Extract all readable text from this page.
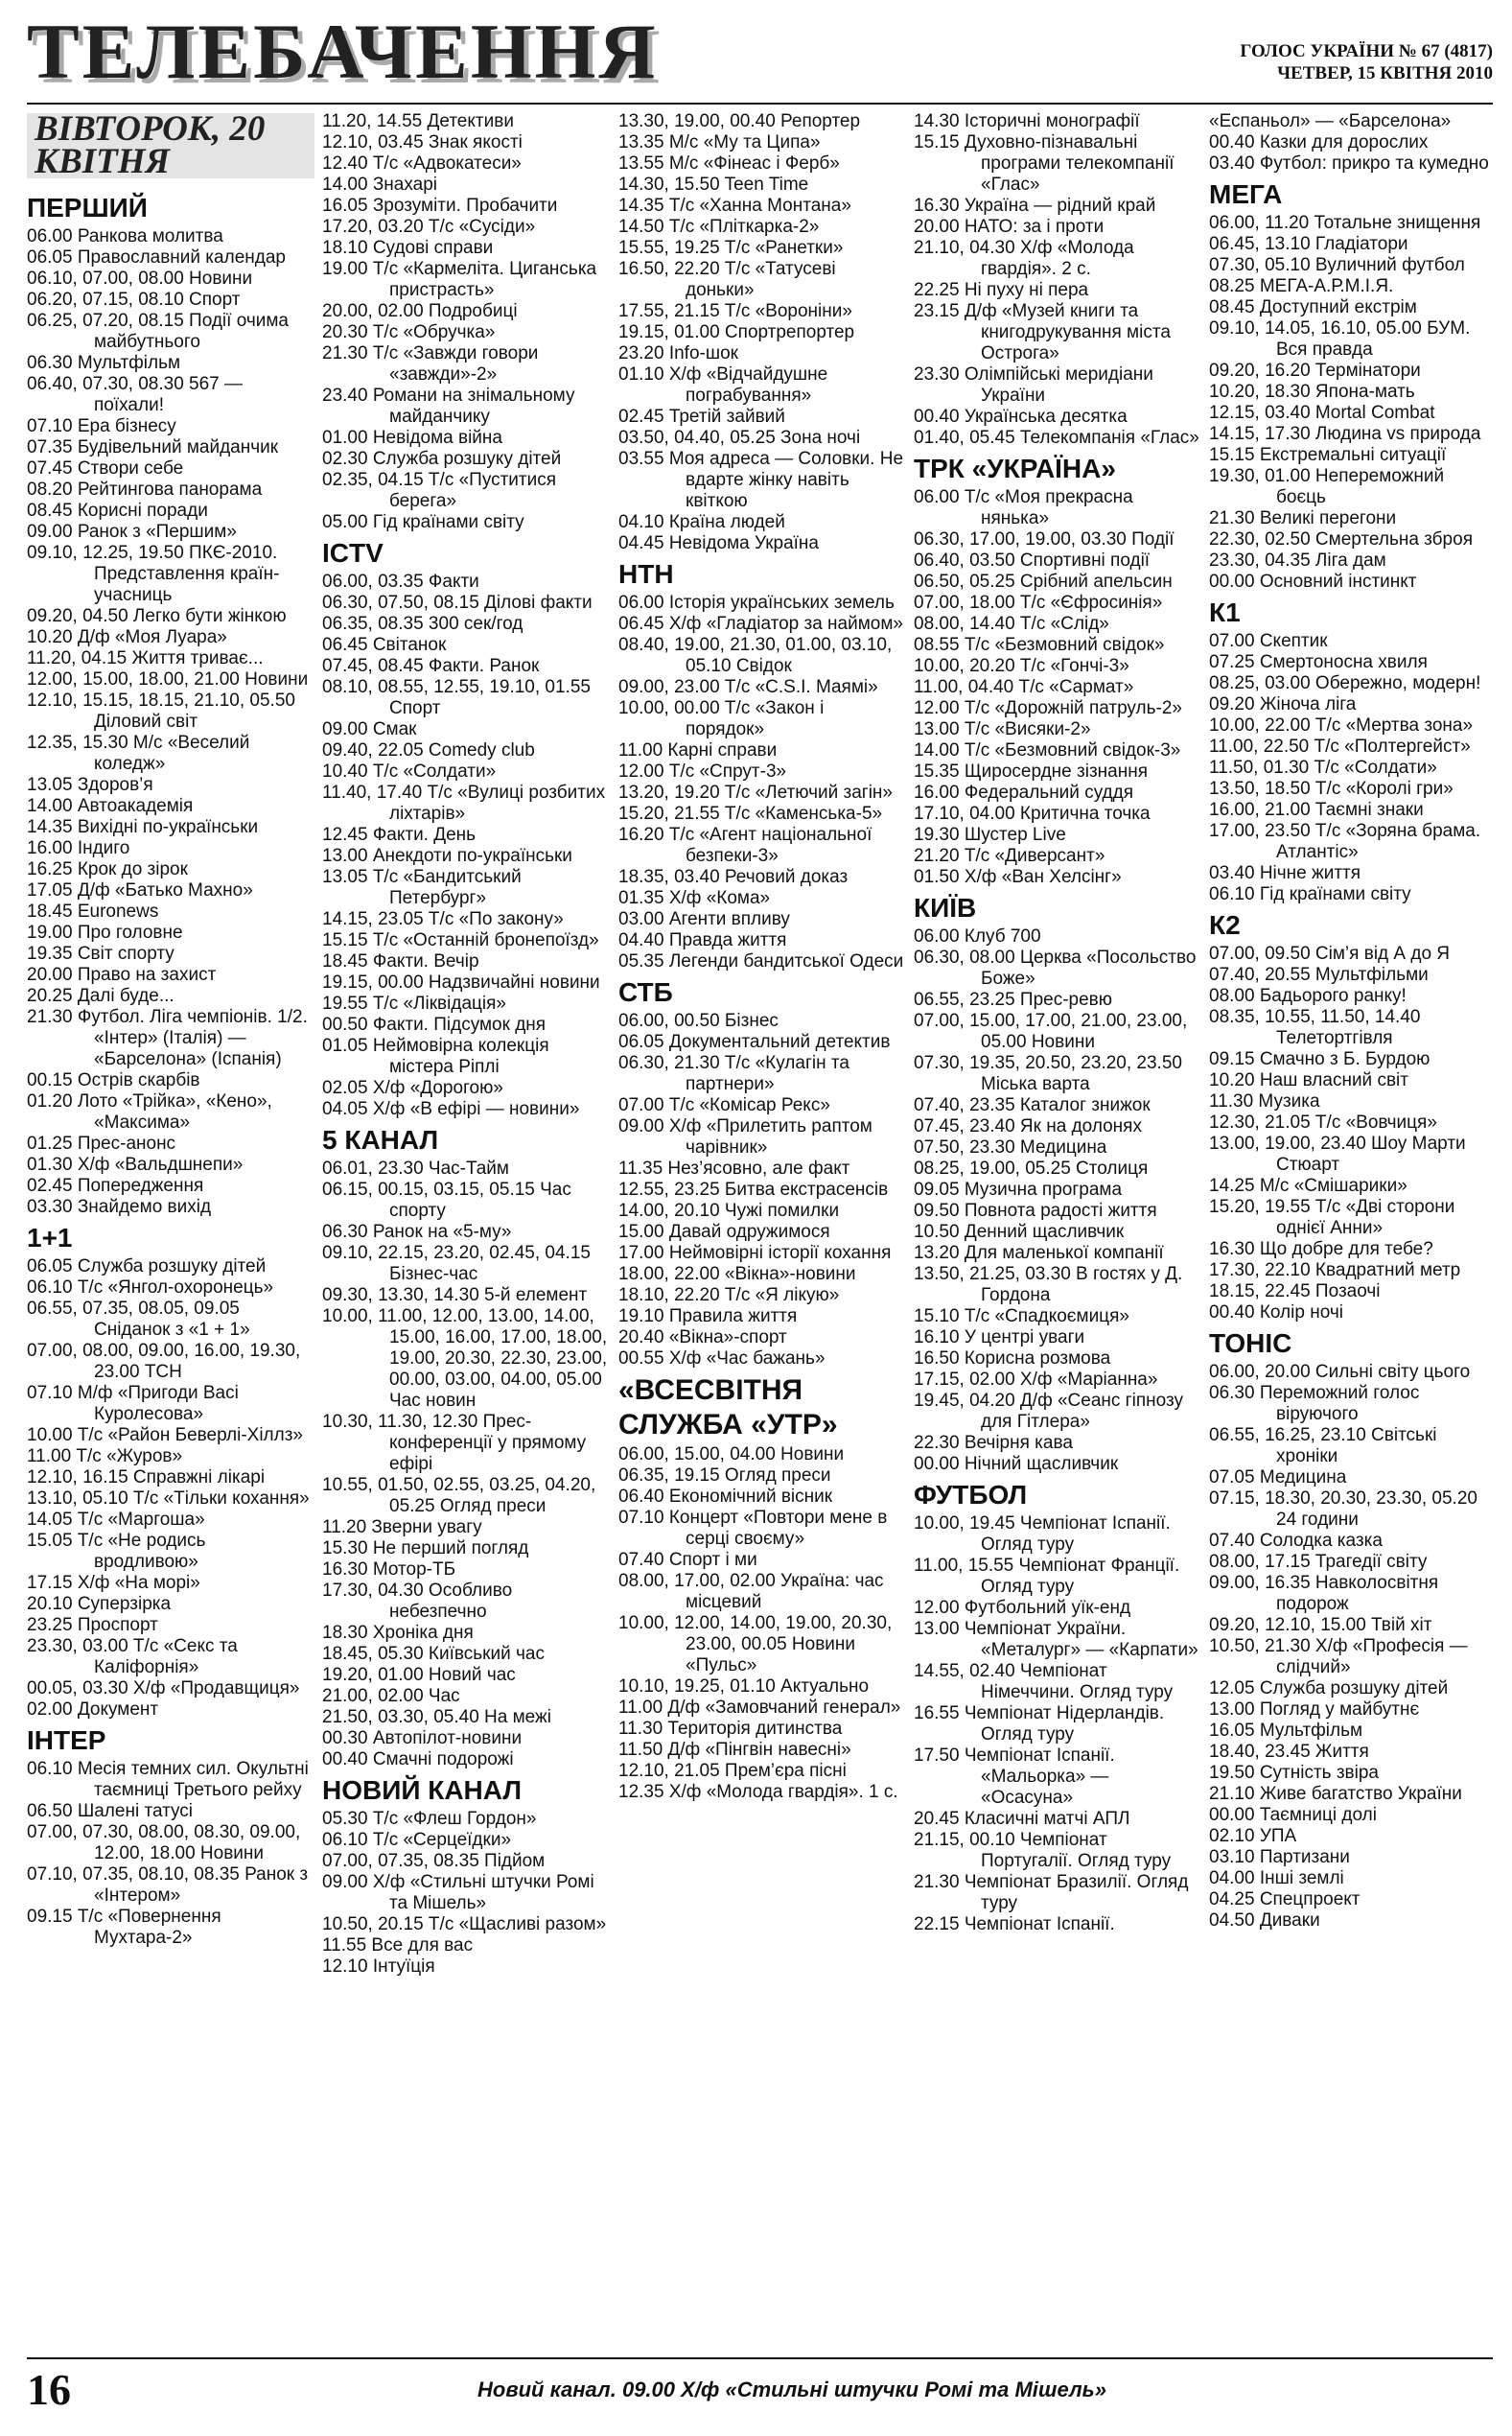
ТЕЛЕБАЧЕННЯ	ГОЛОС УКРАЇНИ № 67 (4817)
ЧЕТВЕР, 15 КВІТНЯ 2010
ВІВТОРОК, 20 КВІТНЯ
ПЕРШИЙ
06.00 Ранкова молитва
06.05 Православний календар
06.10, 07.00, 08.00 Новини
06.20, 07.15, 08.10 Спорт
06.25, 07.20, 08.15 Події очима майбутнього
06.30 Мультфільм
06.40, 07.30, 08.30 567 — поїхали!
07.10 Ера бізнесу
07.35 Будівельний майданчик
07.45 Створи себе
08.20 Рейтингова панорама
08.45 Корисні поради
09.00 Ранок з «Першим»
09.10, 12.25, 19.50 ПКЄ-2010. Представлення країн-учасниць
09.20, 04.50 Легко бути жінкою
10.20 Д/ф «Моя Луара»
11.20, 04.15 Життя триває...
12.00, 15.00, 18.00, 21.00 Новини
12.10, 15.15, 18.15, 21.10, 05.50 Діловий світ
12.35, 15.30 М/с «Веселий коледж»
13.05 Здоров’я
14.00 Автоакадемія
14.35 Вихідні по-українськи
16.00 Індиго
16.25 Крок до зірок
17.05 Д/ф «Батько Махно»
18.45 Euronews
19.00 Про головне
19.35 Світ спорту
20.00 Право на захист
20.25 Далі буде...
21.30 Футбол. Ліга чемпіонів. 1/2. «Інтер» (Італія) — «Барселона» (Іспанія)
00.15 Острів скарбів
01.20 Лото «Трійка», «Кено», «Максима»
01.25 Прес-анонс
01.30 Х/ф «Вальдшнепи»
02.45 Попередження
03.30 Знайдемо вихід
1+1
06.05 Служба розшуку дітей
06.10 Т/с «Янгол-охоронець»
06.55, 07.35, 08.05, 09.05 Сніданок з «1 + 1»
07.00, 08.00, 09.00, 16.00, 19.30, 23.00 ТСН
07.10 М/ф «Пригоди Васі Куролесова»
10.00 Т/с «Район Беверлі-Хіллз»
11.00 Т/с «Журов»
12.10, 16.15 Справжні лікарі
13.10, 05.10 Т/с «Тільки кохання»
14.05 Т/с «Маргоша»
15.05 Т/с «Не родись вродливою»
17.15 Х/ф «На морі»
20.10 Суперзірка
23.25 Проспорт
23.30, 03.00 Т/с «Секс та Каліфорнія»
00.05, 03.30 Х/ф «Продавщиця»
02.00 Документ
ІНТЕР
06.10 Месія темних сил. Окультні таємниці Третього рейху
06.50 Шалені татусі
07.00, 07.30, 08.00, 08.30, 09.00, 12.00, 18.00 Новини
07.10, 07.35, 08.10, 08.35 Ранок з «Інтером»
09.15 Т/с «Повернення Мухтара-2»
11.20, 14.55 Детективи
12.10, 03.45 Знак якості
12.40 Т/с «Адвокатеси»
14.00 Знахарі
16.05 Зрозуміти. Пробачити
17.20, 03.20 Т/с «Сусіди»
18.10 Судові справи
19.00 Т/с «Кармеліта. Циганська пристрасть»
20.00, 02.00 Подробиці
20.30 Т/с «Обручка»
21.30 Т/с «Завжди говори «завжди»-2»
23.40 Романи на знімальному майданчику
01.00 Невідома війна
02.30 Служба розшуку дітей
02.35, 04.15 Т/с «Пуститися берега»
05.00 Гід країнами світу
ICTV
06.00, 03.35 Факти
06.30, 07.50, 08.15 Ділові факти
06.35, 08.35 300 сек/год
06.45 Світанок
07.45, 08.45 Факти. Ранок
08.10, 08.55, 12.55, 19.10, 01.55 Спорт
09.00 Смак
09.40, 22.05 Comedy club
10.40 Т/с «Солдати»
11.40, 17.40 Т/с «Вулиці розбитих ліхтарів»
12.45 Факти. День
13.00 Анекдоти по-українськи
13.05 Т/с «Бандитський Петербург»
14.15, 23.05 Т/с «По закону»
15.15 Т/с «Останній бронепоїзд»
18.45 Факти. Вечір
19.15, 00.00 Надзвичайні новини
19.55 Т/с «Ліквідація»
00.50 Факти. Підсумок дня
01.05 Неймовірна колекція містера Ріплі
02.05 Х/ф «Дорогою»
04.05 Х/ф «В ефірі — новини»
5 КАНАЛ
06.01, 23.30 Час-Тайм
06.15, 00.15, 03.15, 05.15 Час спорту
06.30 Ранок на «5-му»
09.10, 22.15, 23.20, 02.45, 04.15 Бізнес-час
09.30, 13.30, 14.30 5-й елемент
10.00, 11.00, 12.00, 13.00, 14.00, 15.00, 16.00, 17.00, 18.00, 19.00, 20.30, 22.30, 23.00, 00.00, 03.00, 04.00, 05.00 Час новин
10.30, 11.30, 12.30 Прес-конференції у прямому ефірі
10.55, 01.50, 02.55, 03.25, 04.20, 05.25 Огляд преси
11.20 Зверни увагу
15.30 Не перший погляд
16.30 Мотор-ТБ
17.30, 04.30 Особливо небезпечно
18.30 Хроніка дня
18.45, 05.30 Київський час
19.20, 01.00 Новий час
21.00, 02.00 Час
21.50, 03.30, 05.40 На межі
00.30 Автопілот-новини
00.40 Смачні подорожі
НОВИЙ КАНАЛ
05.30 Т/с «Флеш Гордон»
06.10 Т/с «Серцеїдки»
07.00, 07.35, 08.35 Підйом
09.00 Х/ф «Стильні штучки Ромі та Мішель»
10.50, 20.15 Т/с «Щасливі разом»
11.55 Все для вас
12.10 Інтуїція
13.30, 19.00, 00.40 Репортер
13.35 М/с «Му та Ципа»
13.55 М/с «Фінеас і Ферб»
14.30, 15.50 Teen Time
14.35 Т/с «Ханна Монтана»
14.50 Т/с «Пліткарка-2»
15.55, 19.25 Т/с «Ранетки»
16.50, 22.20 Т/с «Татусеві доньки»
17.55, 21.15 Т/с «Вороніни»
19.15, 01.00 Спортрепортер
23.20 Info-шок
01.10 Х/ф «Відчайдушне пограбування»
02.45 Третій зайвий
03.50, 04.40, 05.25 Зона ночі
03.55 Моя адреса — Соловки. Не вдарте жінку навіть квіткою
04.10 Країна людей
04.45 Невідома Україна
НТН
06.00 Історія українських земель
06.45 Х/ф «Гладіатор за наймом»
08.40, 19.00, 21.30, 01.00, 03.10, 05.10 Свідок
09.00, 23.00 Т/с «C.S.I. Маямі»
10.00, 00.00 Т/с «Закон і порядок»
11.00 Карні справи
12.00 Т/с «Спрут-3»
13.20, 19.20 Т/с «Летючий загін»
15.20, 21.55 Т/с «Каменська-5»
16.20 Т/с «Агент національної безпеки-3»
18.35, 03.40 Речовий доказ
01.35 Х/ф «Кома»
03.00 Агенти впливу
04.40 Правда життя
05.35 Легенди бандитської Одеси
СТБ
06.00, 00.50 Бізнес
06.05 Документальний детектив
06.30, 21.30 Т/с «Кулагін та партнери»
07.00 Т/с «Комісар Рекс»
09.00 Х/ф «Прилетить раптом чарівник»
11.35 Нез’ясовно, але факт
12.55, 23.25 Битва екстрасенсів
14.00, 20.10 Чужі помилки
15.00 Давай одружимося
17.00 Неймовірні історії кохання
18.00, 22.00 «Вікна»-новини
18.10, 22.20 Т/с «Я лікую»
19.10 Правила життя
20.40 «Вікна»-спорт
00.55 Х/ф «Час бажань»
«ВСЕСВІТНЯ СЛУЖБА «УТР»
06.00, 15.00, 04.00 Новини
06.35, 19.15 Огляд преси
06.40 Економічний вісник
07.10 Концерт «Повтори мене в серці своєму»
07.40 Спорт і ми
08.00, 17.00, 02.00 Україна: час місцевий
10.00, 12.00, 14.00, 19.00, 20.30, 23.00, 00.05 Новини «Пульс»
10.10, 19.25, 01.10 Актуально
11.00 Д/ф «Замовчаний генерал»
11.30 Територія дитинства
11.50 Д/ф «Пінгвін навесні»
12.10, 21.05 Прем’єра пісні
12.35 Х/ф «Молода гвардія». 1 с.
14.30 Історичні монографії
15.15 Духовно-пізнавальні програми телекомпанії «Глас»
16.30 Україна — рідний край
20.00 НАТО: за і проти
21.10, 04.30 Х/ф «Молода гвардія». 2 с.
22.25 Ні пуху ні пера
23.15 Д/ф «Музей книги та книгодрукування міста Острога»
23.30 Олімпійські меридіани України
00.40 Українська десятка
01.40, 05.45 Телекомпанія «Глас»
ТРК «УКРАЇНА»
06.00 Т/с «Моя прекрасна нянька»
06.30, 17.00, 19.00, 03.30 Події
06.40, 03.50 Спортивні події
06.50, 05.25 Срібний апельсин
07.00, 18.00 Т/с «Єфросинія»
08.00, 14.40 Т/с «Слід»
08.55 Т/с «Безмовний свідок»
10.00, 20.20 Т/с «Гончі-3»
11.00, 04.40 Т/с «Сармат»
12.00 Т/с «Дорожній патруль-2»
13.00 Т/с «Висяки-2»
14.00 Т/с «Безмовний свідок-3»
15.35 Щиросердне зізнання
16.00 Федеральний суддя
17.10, 04.00 Критична точка
19.30 Шустер Live
21.20 Т/с «Диверсант»
01.50 Х/ф «Ван Хелсінг»
КИЇВ
06.00 Клуб 700
06.30, 08.00 Церква «Посольство Боже»
06.55, 23.25 Прес-ревю
07.00, 15.00, 17.00, 21.00, 23.00, 05.00 Новини
07.30, 19.35, 20.50, 23.20, 23.50 Міська варта
07.40, 23.35 Каталог знижок
07.45, 23.40 Як на долонях
07.50, 23.30 Медицина
08.25, 19.00, 05.25 Столиця
09.05 Музична програма
09.50 Повнота радості життя
10.50 Денний щасливчик
13.20 Для маленької компанії
13.50, 21.25, 03.30 В гостях у Д. Гордона
15.10 Т/с «Спадкоємиця»
16.10 У центрі уваги
16.50 Корисна розмова
17.15, 02.00 Х/ф «Маріанна»
19.45, 04.20 Д/ф «Сеанс гіпнозу для Гітлера»
22.30 Вечірня кава
00.00 Нічний щасливчик
ФУТБОЛ
10.00, 19.45 Чемпіонат Іспанії. Огляд туру
11.00, 15.55 Чемпіонат Франції. Огляд туру
12.00 Футбольний уїк-енд
13.00 Чемпіонат України. «Металург» — «Карпати»
14.55, 02.40 Чемпіонат Німеччини. Огляд туру
16.55 Чемпіонат Нідерландів. Огляд туру
17.50 Чемпіонат Іспанії. «Мальорка» — «Осасуна»
20.45 Класичні матчі АПЛ
21.15, 00.10 Чемпіонат Португалії. Огляд туру
21.30 Чемпіонат Бразилії. Огляд туру
22.15 Чемпіонат Іспанії.
«Еспаньол» — «Барселона»
00.40 Казки для дорослих
03.40 Футбол: прикро та кумедно
МЕГА
06.00, 11.20 Тотальне знищення
06.45, 13.10 Гладіатори
07.30, 05.10 Вуличний футбол
08.25 МЕГА-А.Р.М.І.Я.
08.45 Доступний екстрім
09.10, 14.05, 16.10, 05.00 БУМ. Вся правда
09.20, 16.20 Термінатори
10.20, 18.30 Япона-мать
12.15, 03.40 Mortal Combat
14.15, 17.30 Людина vs природа
15.15 Екстремальні ситуації
19.30, 01.00 Непереможний боєць
21.30 Великі перегони
22.30, 02.50 Смертельна зброя
23.30, 04.35 Ліга дам
00.00 Основний інстинкт
К1
07.00 Скептик
07.25 Смертоносна хвиля
08.25, 03.00 Обережно, модерн!
09.20 Жіноча ліга
10.00, 22.00 Т/с «Мертва зона»
11.00, 22.50 Т/с «Полтергейст»
11.50, 01.30 Т/с «Солдати»
13.50, 18.50 Т/с «Королі гри»
16.00, 21.00 Таємні знаки
17.00, 23.50 Т/с «Зоряна брама. Атлантіс»
03.40 Нічне життя
06.10 Гід країнами світу
К2
07.00, 09.50 Сім’я від А до Я
07.40, 20.55 Мультфільми
08.00 Бадьорого ранку!
08.35, 10.55, 11.50, 14.40 Телетортгівля
09.15 Смачно з Б. Бурдою
10.20 Наш власний світ
11.30 Музика
12.30, 21.05 Т/с «Вовчиця»
13.00, 19.00, 23.40 Шоу Марти Стюарт
14.25 М/с «Смішарики»
15.20, 19.55 Т/с «Дві сторони однієї Анни»
16.30 Що добре для тебе?
17.30, 22.10 Квадратний метр
18.15, 22.45 Позаочі
00.40 Колір ночі
ТОНІС
06.00, 20.00 Сильні світу цього
06.30 Переможний голос віруючого
06.55, 16.25, 23.10 Світські хроніки
07.05 Медицина
07.15, 18.30, 20.30, 23.30, 05.20 24 години
07.40 Солодка казка
08.00, 17.15 Трагедії світу
09.00, 16.35 Навколосвітня подорож
09.20, 12.10, 15.00 Твій хіт
10.50, 21.30 Х/ф «Професія — слідчий»
12.05 Служба розшуку дітей
13.00 Погляд у майбутнє
16.05 Мультфільм
18.40, 23.45 Життя
19.50 Сутність звіра
21.10 Живе багатство України
00.00 Таємниці долі
02.10 УПА
03.10 Партизани
04.00 Інші землі
04.25 Спецпроект
04.50 Диваки
16	Новий канал. 09.00 Х/ф «Стильні штучки Ромі та Мішель»
